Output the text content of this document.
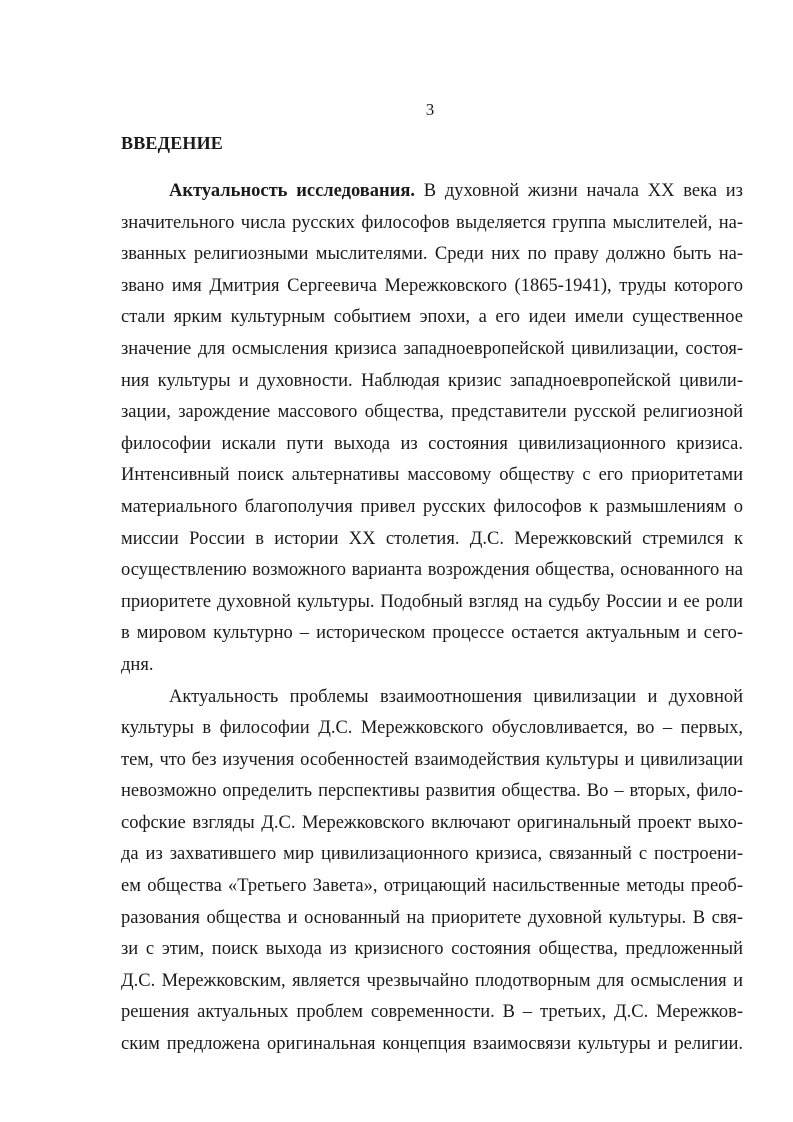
3
ВВЕДЕНИЕ
Актуальность исследования. В духовной жизни начала XX века из
значительного числа русских философов выделяется группа мыслителей, на-
званных религиозными мыслителями. Среди них по праву должно быть на-
звано имя Дмитрия Сергеевича Мережковского (1865-1941), труды которого
стали ярким культурным событием эпохи, а его идеи имели существенное
значение для осмысления кризиса западноевропейской цивилизации, состоя-
ния культуры и духовности. Наблюдая кризис западноевропейской цивили-
зации, зарождение массового общества, представители русской религиозной
философии искали пути выхода из состояния цивилизационного кризиса.
Интенсивный поиск альтернативы массовому обществу с его приоритетами
материального благополучия привел русских философов к размышлениям о
миссии России в истории XX столетия. Д.С. Мережковский стремился к
осуществлению возможного варианта возрождения общества, основанного на
приоритете духовной культуры. Подобный взгляд на судьбу России и ее роли
в мировом культурно – историческом процессе остается актуальным и сего-
дня.
Актуальность проблемы взаимоотношения цивилизации и духовной
культуры в философии Д.С. Мережковского обусловливается, во – первых,
тем, что без изучения особенностей взаимодействия культуры и цивилизации
невозможно определить перспективы развития общества. Во – вторых, фило-
софские взгляды Д.С. Мережковского включают оригинальный проект выхо-
да из захватившего мир цивилизационного кризиса, связанный с построени-
ем общества «Третьего Завета», отрицающий насильственные методы преоб-
разования общества и основанный на приоритете духовной культуры. В свя-
зи с этим, поиск выхода из кризисного состояния общества, предложенный
Д.С. Мережковским, является чрезвычайно плодотворным для осмысления и
решения актуальных проблем современности. В – третьих, Д.С. Мережков-
ским предложена оригинальная концепция взаимосвязи культуры и религии.
